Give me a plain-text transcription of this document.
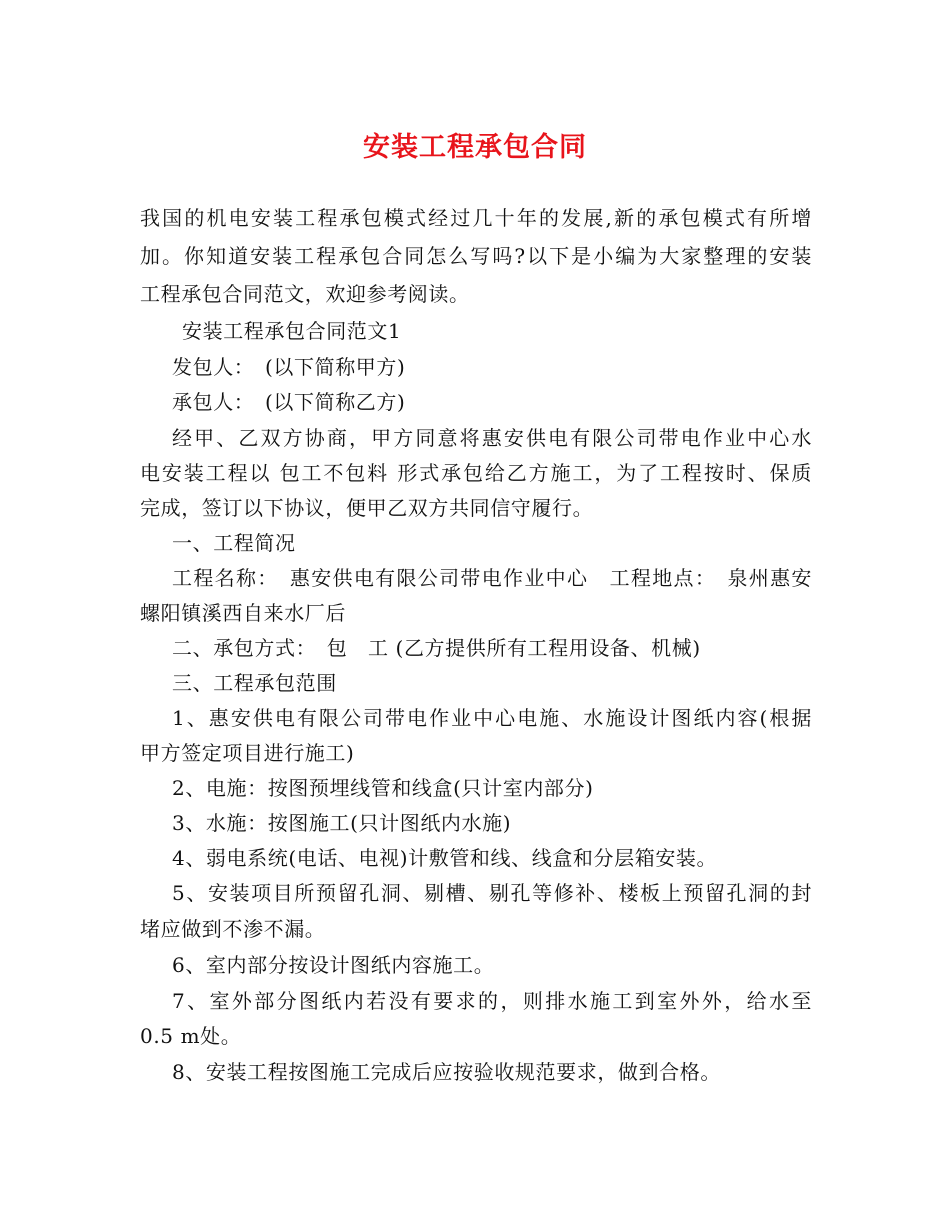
安装工程承包合同
我国的机电安装工程承包模式经过几十年的发展,新的承包模式有所增
加。你知道安装工程承包合同怎么写吗?以下是小编为大家整理的安装
工程承包合同范文，欢迎参考阅读。
安装工程承包合同范文1
发包人：　(以下简称甲方)
承包人：　(以下简称乙方)
经甲、乙双方协商，甲方同意将惠安供电有限公司带电作业中心水
电安装工程以 包工不包料 形式承包给乙方施工，为了工程按时、保质
完成，签订以下协议，便甲乙双方共同信守履行。
一、工程简况
工程名称：　惠安供电有限公司带电作业中心　工程地点：　泉州惠安
螺阳镇溪西自来水厂后
二、承包方式：　包　工 (乙方提供所有工程用设备、机械)
三、工程承包范围
1、惠安供电有限公司带电作业中心电施、水施设计图纸内容(根据
甲方签定项目进行施工)
2、电施：按图预埋线管和线盒(只计室内部分)
3、水施：按图施工(只计图纸内水施)
4、弱电系统(电话、电视)计敷管和线、线盒和分层箱安装。
5、安装项目所预留孔洞、剔槽、剔孔等修补、楼板上预留孔洞的封
堵应做到不渗不漏。
6、室内部分按设计图纸内容施工。
7、室外部分图纸内若没有要求的，则排水施工到室外外，给水至
0.5 m处。
8、安装工程按图施工完成后应按验收规范要求，做到合格。
